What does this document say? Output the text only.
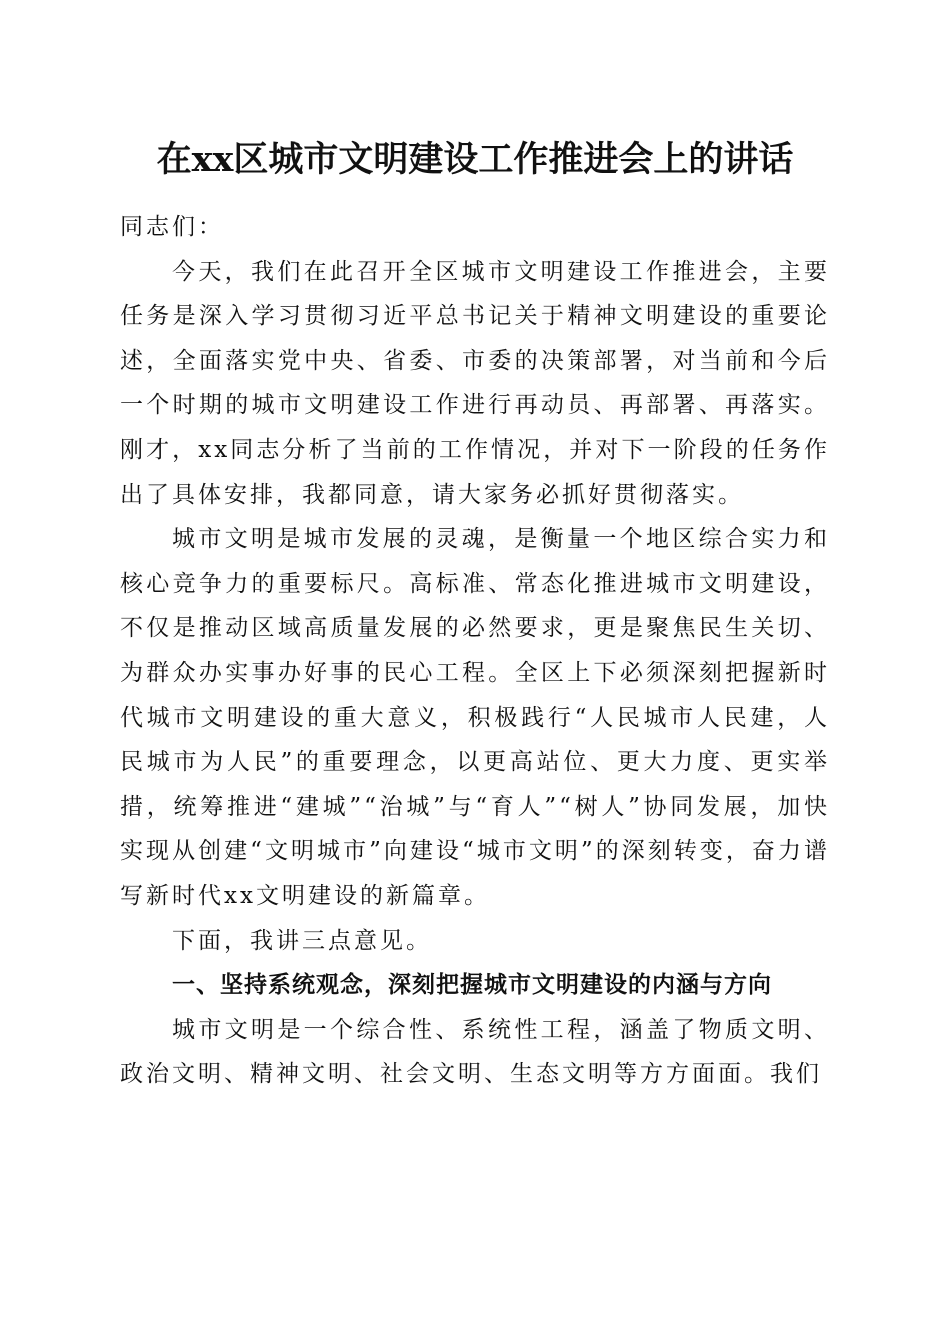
在xx区城市文明建设工作推进会上的讲话

同志们：

今天，我们在此召开全区城市文明建设工作推进会，主要任务是深入学习贯彻习近平总书记关于精神文明建设的重要论述，全面落实党中央、省委、市委的决策部署，对当前和今后一个时期的城市文明建设工作进行再动员、再部署、再落实。刚才，xx同志分析了当前的工作情况，并对下一阶段的任务作出了具体安排，我都同意，请大家务必抓好贯彻落实。

城市文明是城市发展的灵魂，是衡量一个地区综合实力和核心竞争力的重要标尺。高标准、常态化推进城市文明建设，不仅是推动区域高质量发展的必然要求，更是聚焦民生关切、为群众办实事办好事的民心工程。全区上下必须深刻把握新时代城市文明建设的重大意义，积极践行“人民城市人民建，人民城市为人民”的重要理念，以更高站位、更大力度、更实举措，统筹推进“建城”“治城”与“育人”“树人”协同发展，加快实现从创建“文明城市”向建设“城市文明”的深刻转变，奋力谱写新时代xx文明建设的新篇章。

下面，我讲三点意见。

一、坚持系统观念，深刻把握城市文明建设的内涵与方向

城市文明是一个综合性、系统性工程，涵盖了物质文明、政治文明、精神文明、社会文明、生态文明等方方面面。我们
